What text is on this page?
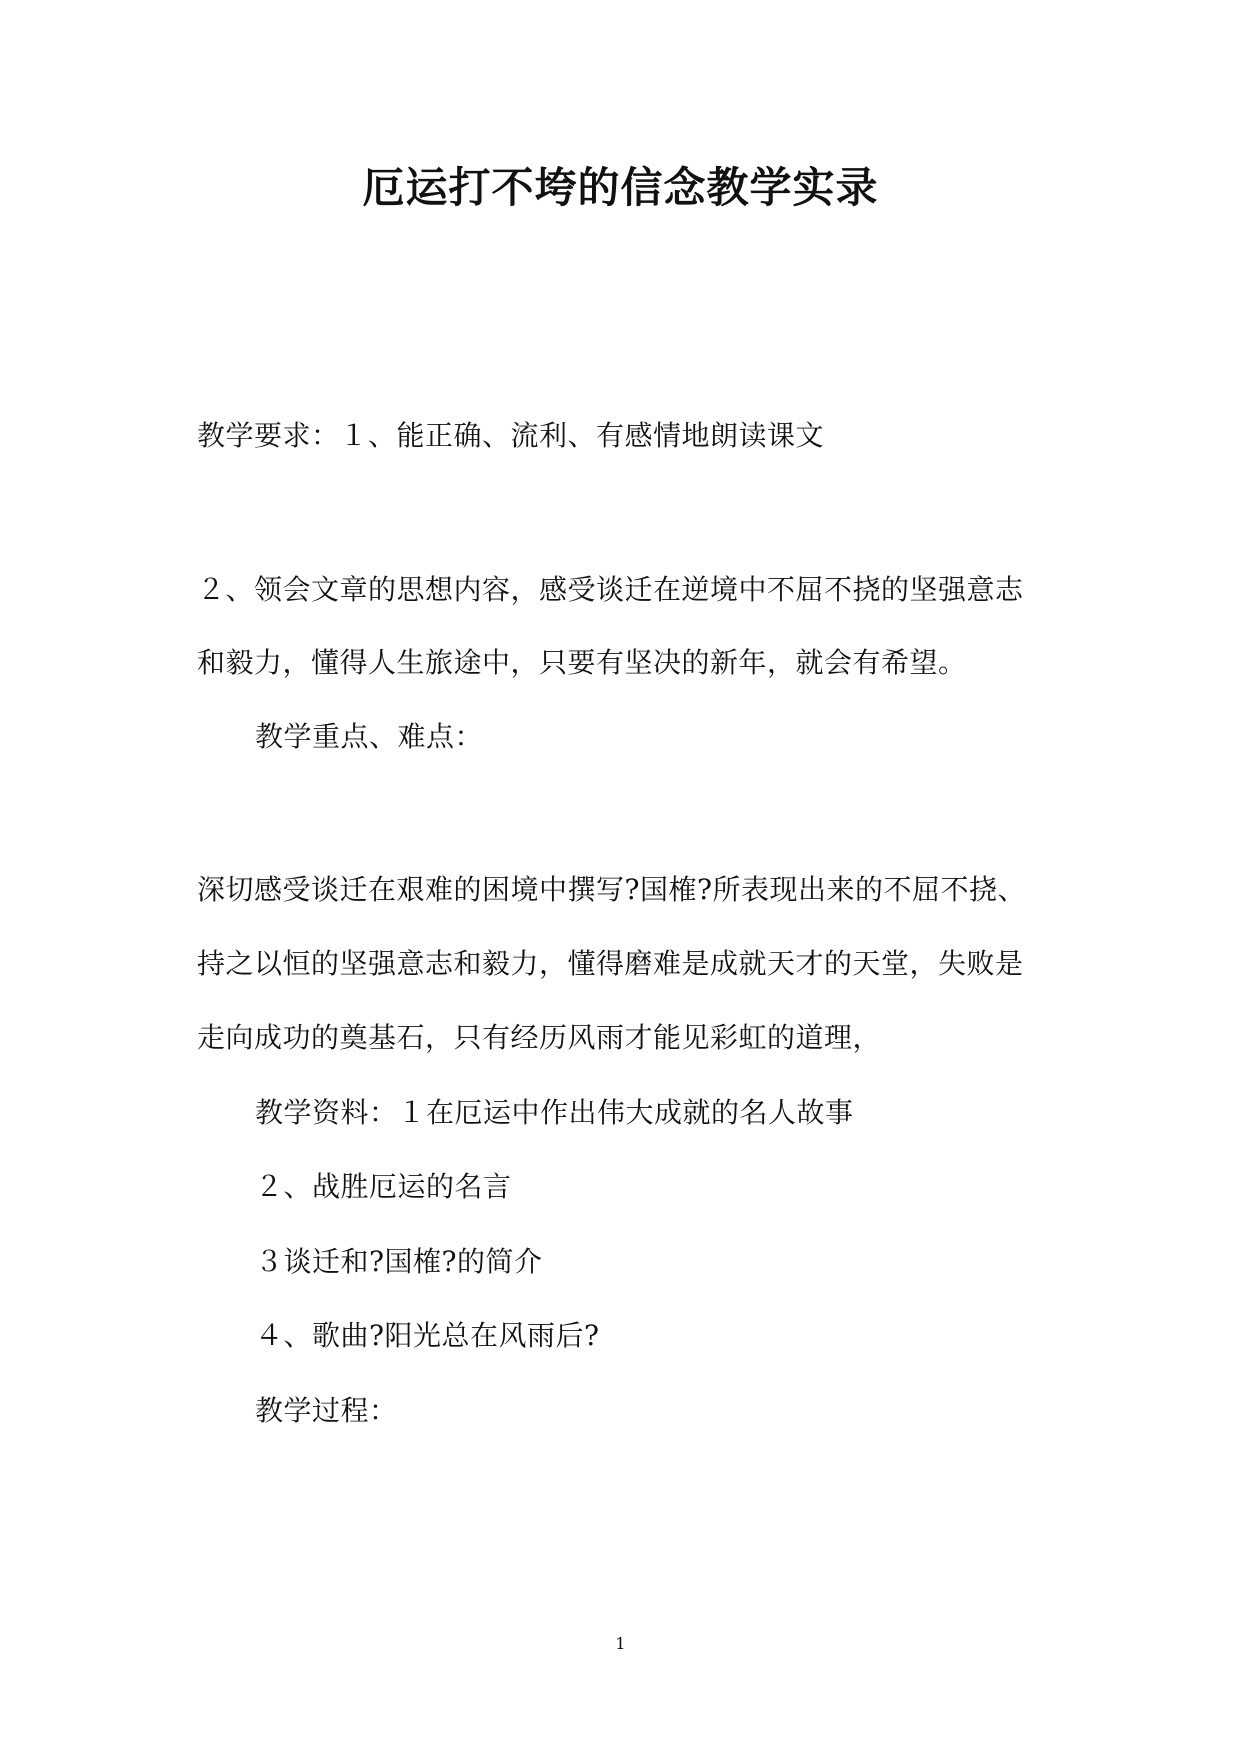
厄运打不垮的信念教学实录
教学要求：１、能正确、流利、有感情地朗读课文
２、领会文章的思想内容，感受谈迁在逆境中不屈不挠的坚强意志
和毅力，懂得人生旅途中，只要有坚决的新年，就会有希望。
教学重点、难点：
深切感受谈迁在艰难的困境中撰写?国榷?所表现出来的不屈不挠、
持之以恒的坚强意志和毅力，懂得磨难是成就天才的天堂，失败是
走向成功的奠基石，只有经历风雨才能见彩虹的道理，
教学资料：１在厄运中作出伟大成就的名人故事
２、战胜厄运的名言
３谈迁和?国榷?的简介
４、歌曲?阳光总在风雨后?
教学过程：
1
